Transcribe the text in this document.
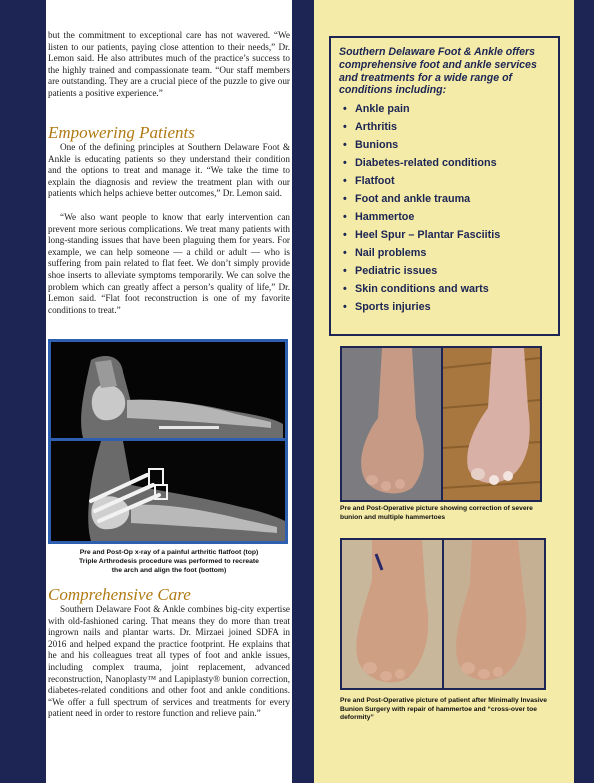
but the commitment to exceptional care has not wavered. “We listen to our patients, paying close attention to their needs,” Dr. Lemon said. He also attributes much of the practice’s success to the highly trained and compassionate team. “Our staff members are outstanding. They are a crucial piece of the puzzle to give our patients a positive experience.”

Empowering Patients

One of the defining principles at Southern Delaware Foot & Ankle is educating patients so they understand their condition and the options to treat and manage it. “We take the time to explain the diagnosis and review the treatment plan with our patients which helps achieve better outcomes,” Dr. Lemon said.

“We also want people to know that early intervention can prevent more serious complications. We treat many patients with long-standing issues that have been plaguing them for years. For example, we can help someone — a child or adult — who is suffering from pain related to flat feet. We don’t simply provide shoe inserts to alleviate symptoms temporarily. We can solve the problem which can greatly affect a person’s quality of life,” Dr. Lemon said. “Flat foot reconstruction is one of my favorite conditions to treat.”

Pre and Post-Op x-ray of a painful arthritic flatfoot (top)
Triple Arthrodesis procedure was performed to recreate
the arch and align the foot (bottom)
Comprehensive Care

Southern Delaware Foot & Ankle combines big-city expertise with old-fashioned caring. That means they do more than treat ingrown nails and plantar warts. Dr. Mirzaei joined SDFA in 2016 and helped expand the practice footprint. He explains that he and his colleagues treat all types of foot and ankle issues, including complex trauma, joint replacement, advanced reconstruction, Nanoplasty™ and Lapiplasty® bunion correction, diabetes-related conditions and other foot and ankle conditions. “We offer a full spectrum of services and treatments for every patient need in order to restore function and relieve pain.”

Southern Delaware Foot & Ankle offers comprehensive foot and ankle services and treatments for a wide range of conditions including:

• Ankle pain
• Arthritis
• Bunions
• Diabetes-related conditions
• Flatfoot
• Foot and ankle trauma
• Hammertoe
• Heel Spur – Plantar Fasciitis
• Nail problems
• Pediatric issues
• Skin conditions and warts
• Sports injuries
Pre and Post-Operative picture showing correction of severe
bunion and multiple hammertoes
Pre and Post-Operative picture of patient after Minimally Invasive
Bunion Surgery with repair of hammertoe and “cross-over toe
deformity”
